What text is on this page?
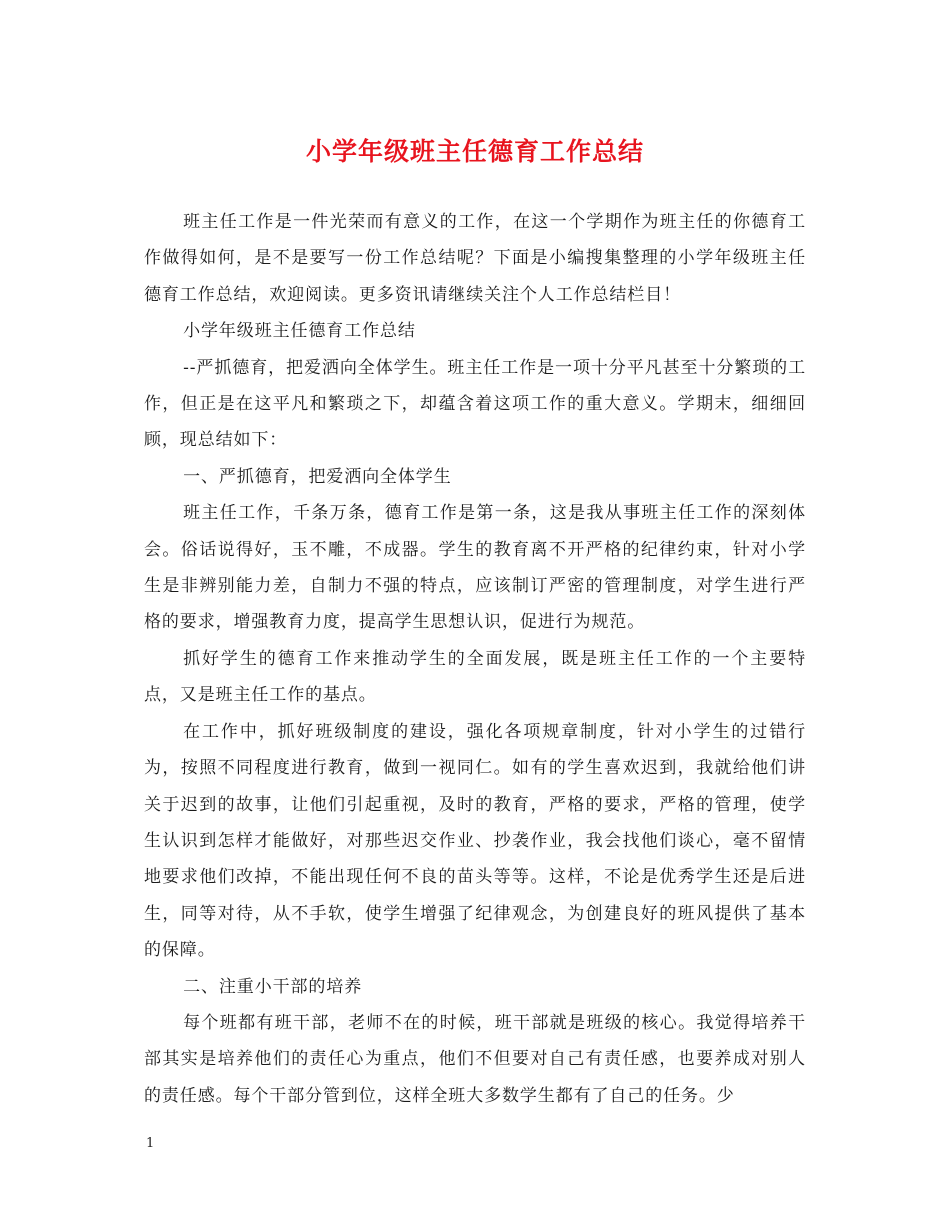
小学年级班主任德育工作总结

班主任工作是一件光荣而有意义的工作，在这一个学期作为班主任的你德育工作做得如何，是不是要写一份工作总结呢？下面是小编搜集整理的小学年级班主任德育工作总结，欢迎阅读。更多资讯请继续关注个人工作总结栏目！

小学年级班主任德育工作总结

--严抓德育，把爱洒向全体学生。班主任工作是一项十分平凡甚至十分繁琐的工作，但正是在这平凡和繁琐之下，却蕴含着这项工作的重大意义。学期末，细细回顾，现总结如下：

一、严抓德育，把爱洒向全体学生

班主任工作，千条万条，德育工作是第一条，这是我从事班主任工作的深刻体会。俗话说得好，玉不雕，不成器。学生的教育离不开严格的纪律约束，针对小学生是非辨别能力差，自制力不强的特点，应该制订严密的管理制度，对学生进行严格的要求，增强教育力度，提高学生思想认识，促进行为规范。

抓好学生的德育工作来推动学生的全面发展，既是班主任工作的一个主要特点，又是班主任工作的基点。

在工作中，抓好班级制度的建设，强化各项规章制度，针对小学生的过错行为，按照不同程度进行教育，做到一视同仁。如有的学生喜欢迟到，我就给他们讲关于迟到的故事，让他们引起重视，及时的教育，严格的要求，严格的管理，使学生认识到怎样才能做好，对那些迟交作业、抄袭作业，我会找他们谈心，毫不留情地要求他们改掉，不能出现任何不良的苗头等等。这样，不论是优秀学生还是后进生，同等对待，从不手软，使学生增强了纪律观念，为创建良好的班风提供了基本的保障。

二、注重小干部的培养

每个班都有班干部，老师不在的时候，班干部就是班级的核心。我觉得培养干部其实是培养他们的责任心为重点，他们不但要对自己有责任感，也要养成对别人的责任感。每个干部分管到位，这样全班大多数学生都有了自己的任务。少

1
